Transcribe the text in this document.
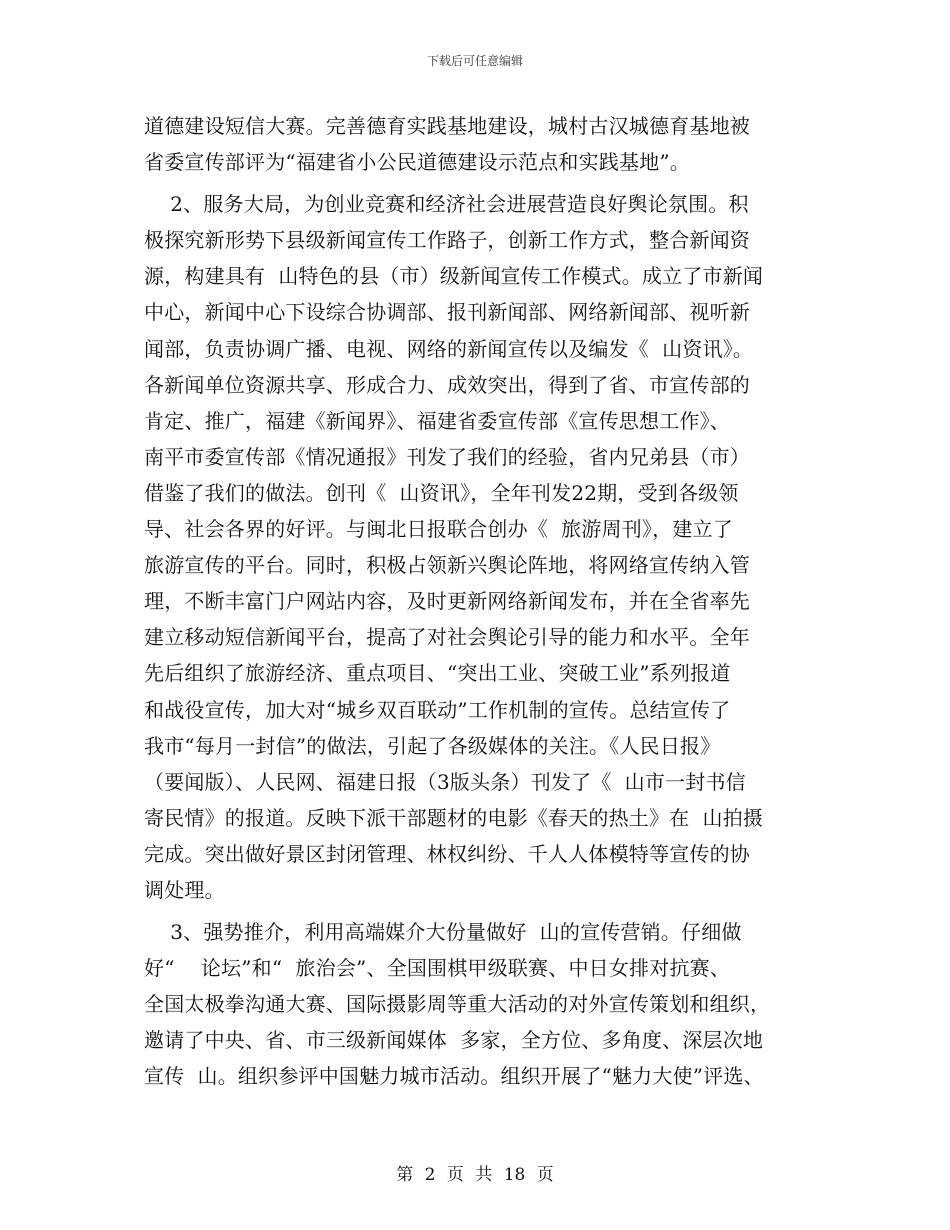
下载后可任意编辑
道德建设短信大赛。完善德育实践基地建设，城村古汉城德育基地被
省委宣传部评为“福建省小公民道德建设示范点和实践基地”。
2、服务大局，为创业竞赛和经济社会进展营造良好舆论氛围。积
极探究新形势下县级新闻宣传工作路子，创新工作方式，整合新闻资
源，构建具有  山特色的县（市）级新闻宣传工作模式。成立了市新闻
中心，新闻中心下设综合协调部、报刊新闻部、网络新闻部、视听新
闻部，负责协调广播、电视、网络的新闻宣传以及编发《  山资讯》。
各新闻单位资源共享、形成合力、成效突出，得到了省、市宣传部的
肯定、推广，福建《新闻界》、福建省委宣传部《宣传思想工作》、
南平市委宣传部《情况通报》刊发了我们的经验，省内兄弟县（市）
借鉴了我们的做法。创刊《  山资讯》，全年刊发22期，受到各级领
导、社会各界的好评。与闽北日报联合创办《  旅游周刊》，建立了
旅游宣传的平台。同时，积极占领新兴舆论阵地，将网络宣传纳入管
理，不断丰富门户网站内容，及时更新网络新闻发布，并在全省率先
建立移动短信新闻平台，提高了对社会舆论引导的能力和水平。全年
先后组织了旅游经济、重点项目、“突出工业、突破工业”系列报道
和战役宣传，加大对“城乡双百联动”工作机制的宣传。总结宣传了
我市“每月一封信”的做法，引起了各级媒体的关注。《人民日报》
（要闻版）、人民网、福建日报（3版头条）刊发了《  山市一封书信
寄民情》的报道。反映下派干部题材的电影《春天的热土》在  山拍摄
完成。突出做好景区封闭管理、林权纠纷、千人人体模特等宣传的协
调处理。
3、强势推介，利用高端媒介大份量做好  山的宣传营销。仔细做
好“    论坛”和“  旅治会”、全国围棋甲级联赛、中日女排对抗赛、
全国太极拳沟通大赛、国际摄影周等重大活动的对外宣传策划和组织，
邀请了中央、省、市三级新闻媒体  多家，全方位、多角度、深层次地
宣传  山。组织参评中国魅力城市活动。组织开展了“魅力大使”评选、
第 2 页 共 18 页
